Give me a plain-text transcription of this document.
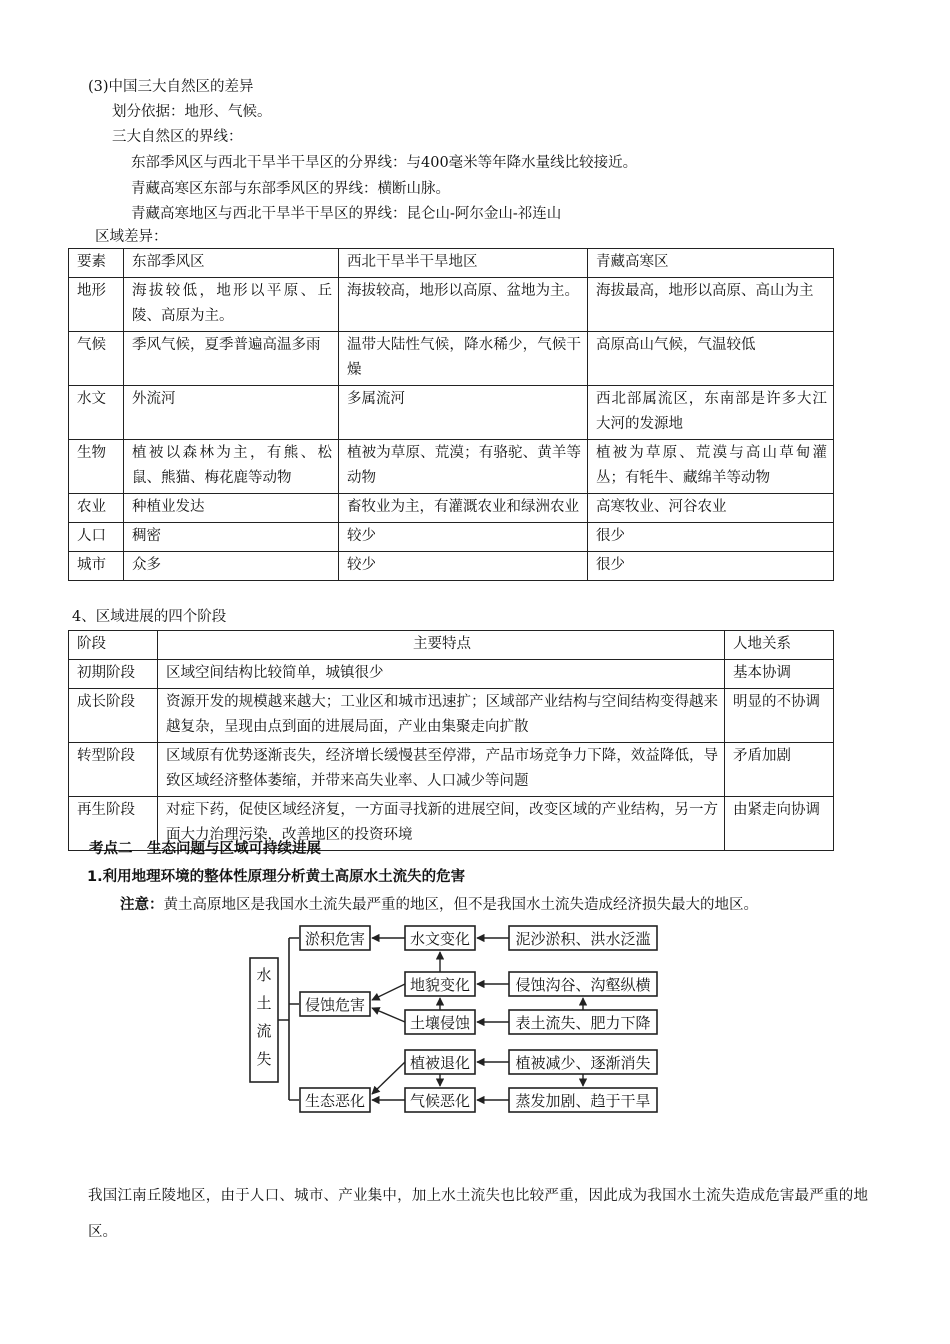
(3)中国三大自然区的差异
划分依据：地形、气候。
三大自然区的界线：
东部季风区与西北干旱半干旱区的分界线：与400毫米等年降水量线比较接近。
青藏高寒区东部与东部季风区的界线：横断山脉。
青藏高寒地区与西北干旱半干旱区的界线：昆仑山-阿尔金山-祁连山
区域差异：
要素	东部季风区	西北干旱半干旱地区	青藏高寒区
地形	海拔较低，地形以平原、丘陵、高原为主。	海拔较高，地形以高原、盆地为主。	海拔最高，地形以高原、高山为主
气候	季风气候，夏季普遍高温多雨	温带大陆性气候，降水稀少，气候干燥	高原高山气候，气温较低
水文	外流河	多属流河	西北部属流区，东南部是许多大江大河的发源地
生物	植被以森林为主，有熊、松鼠、熊猫、梅花鹿等动物	植被为草原、荒漠；有骆驼、黄羊等动物	植被为草原、荒漠与高山草甸灌丛；有牦牛、藏绵羊等动物
农业	种植业发达	畜牧业为主，有灌溉农业和绿洲农业	高寒牧业、河谷农业
人口	稠密	较少	很少
城市	众多	较少	很少
4、区域进展的四个阶段
阶段	主要特点	人地关系
初期阶段	区域空间结构比较简单，城镇很少	基本协调
成长阶段	资源开发的规模越来越大；工业区和城市迅速扩；区域部产业结构与空间结构变得越来越复杂，呈现由点到面的进展局面，产业由集聚走向扩散	明显的不协调
转型阶段	区域原有优势逐渐丧失，经济增长缓慢甚至停滞，产品市场竞争力下降，效益降低，导致区域经济整体萎缩，并带来高失业率、人口减少等问题	矛盾加剧
再生阶段	对症下药，促使区域经济复，一方面寻找新的进展空间，改变区域的产业结构，另一方面大力治理污染，改善地区的投资环境	由紧走向协调
考点二　生态问题与区域可持续进展
1.利用地理环境的整体性原理分析黄土高原水土流失的危害
注意：黄土高原地区是我国水土流失最严重的地区，但不是我国水土流失造成经济损失最大的地区。
水
土
流
失
淤积危害
侵蚀危害
生态恶化
水文变化
地貌变化
土壤侵蚀
植被退化
气候恶化
泥沙淤积、洪水泛滥
侵蚀沟谷、沟壑纵横
表土流失、肥力下降
植被减少、逐渐消失
蒸发加剧、趋于干旱
我国江南丘陵地区，由于人口、城市、产业集中，加上水土流失也比较严重，因此成为我国水土流失造成危害最严重的地区。
